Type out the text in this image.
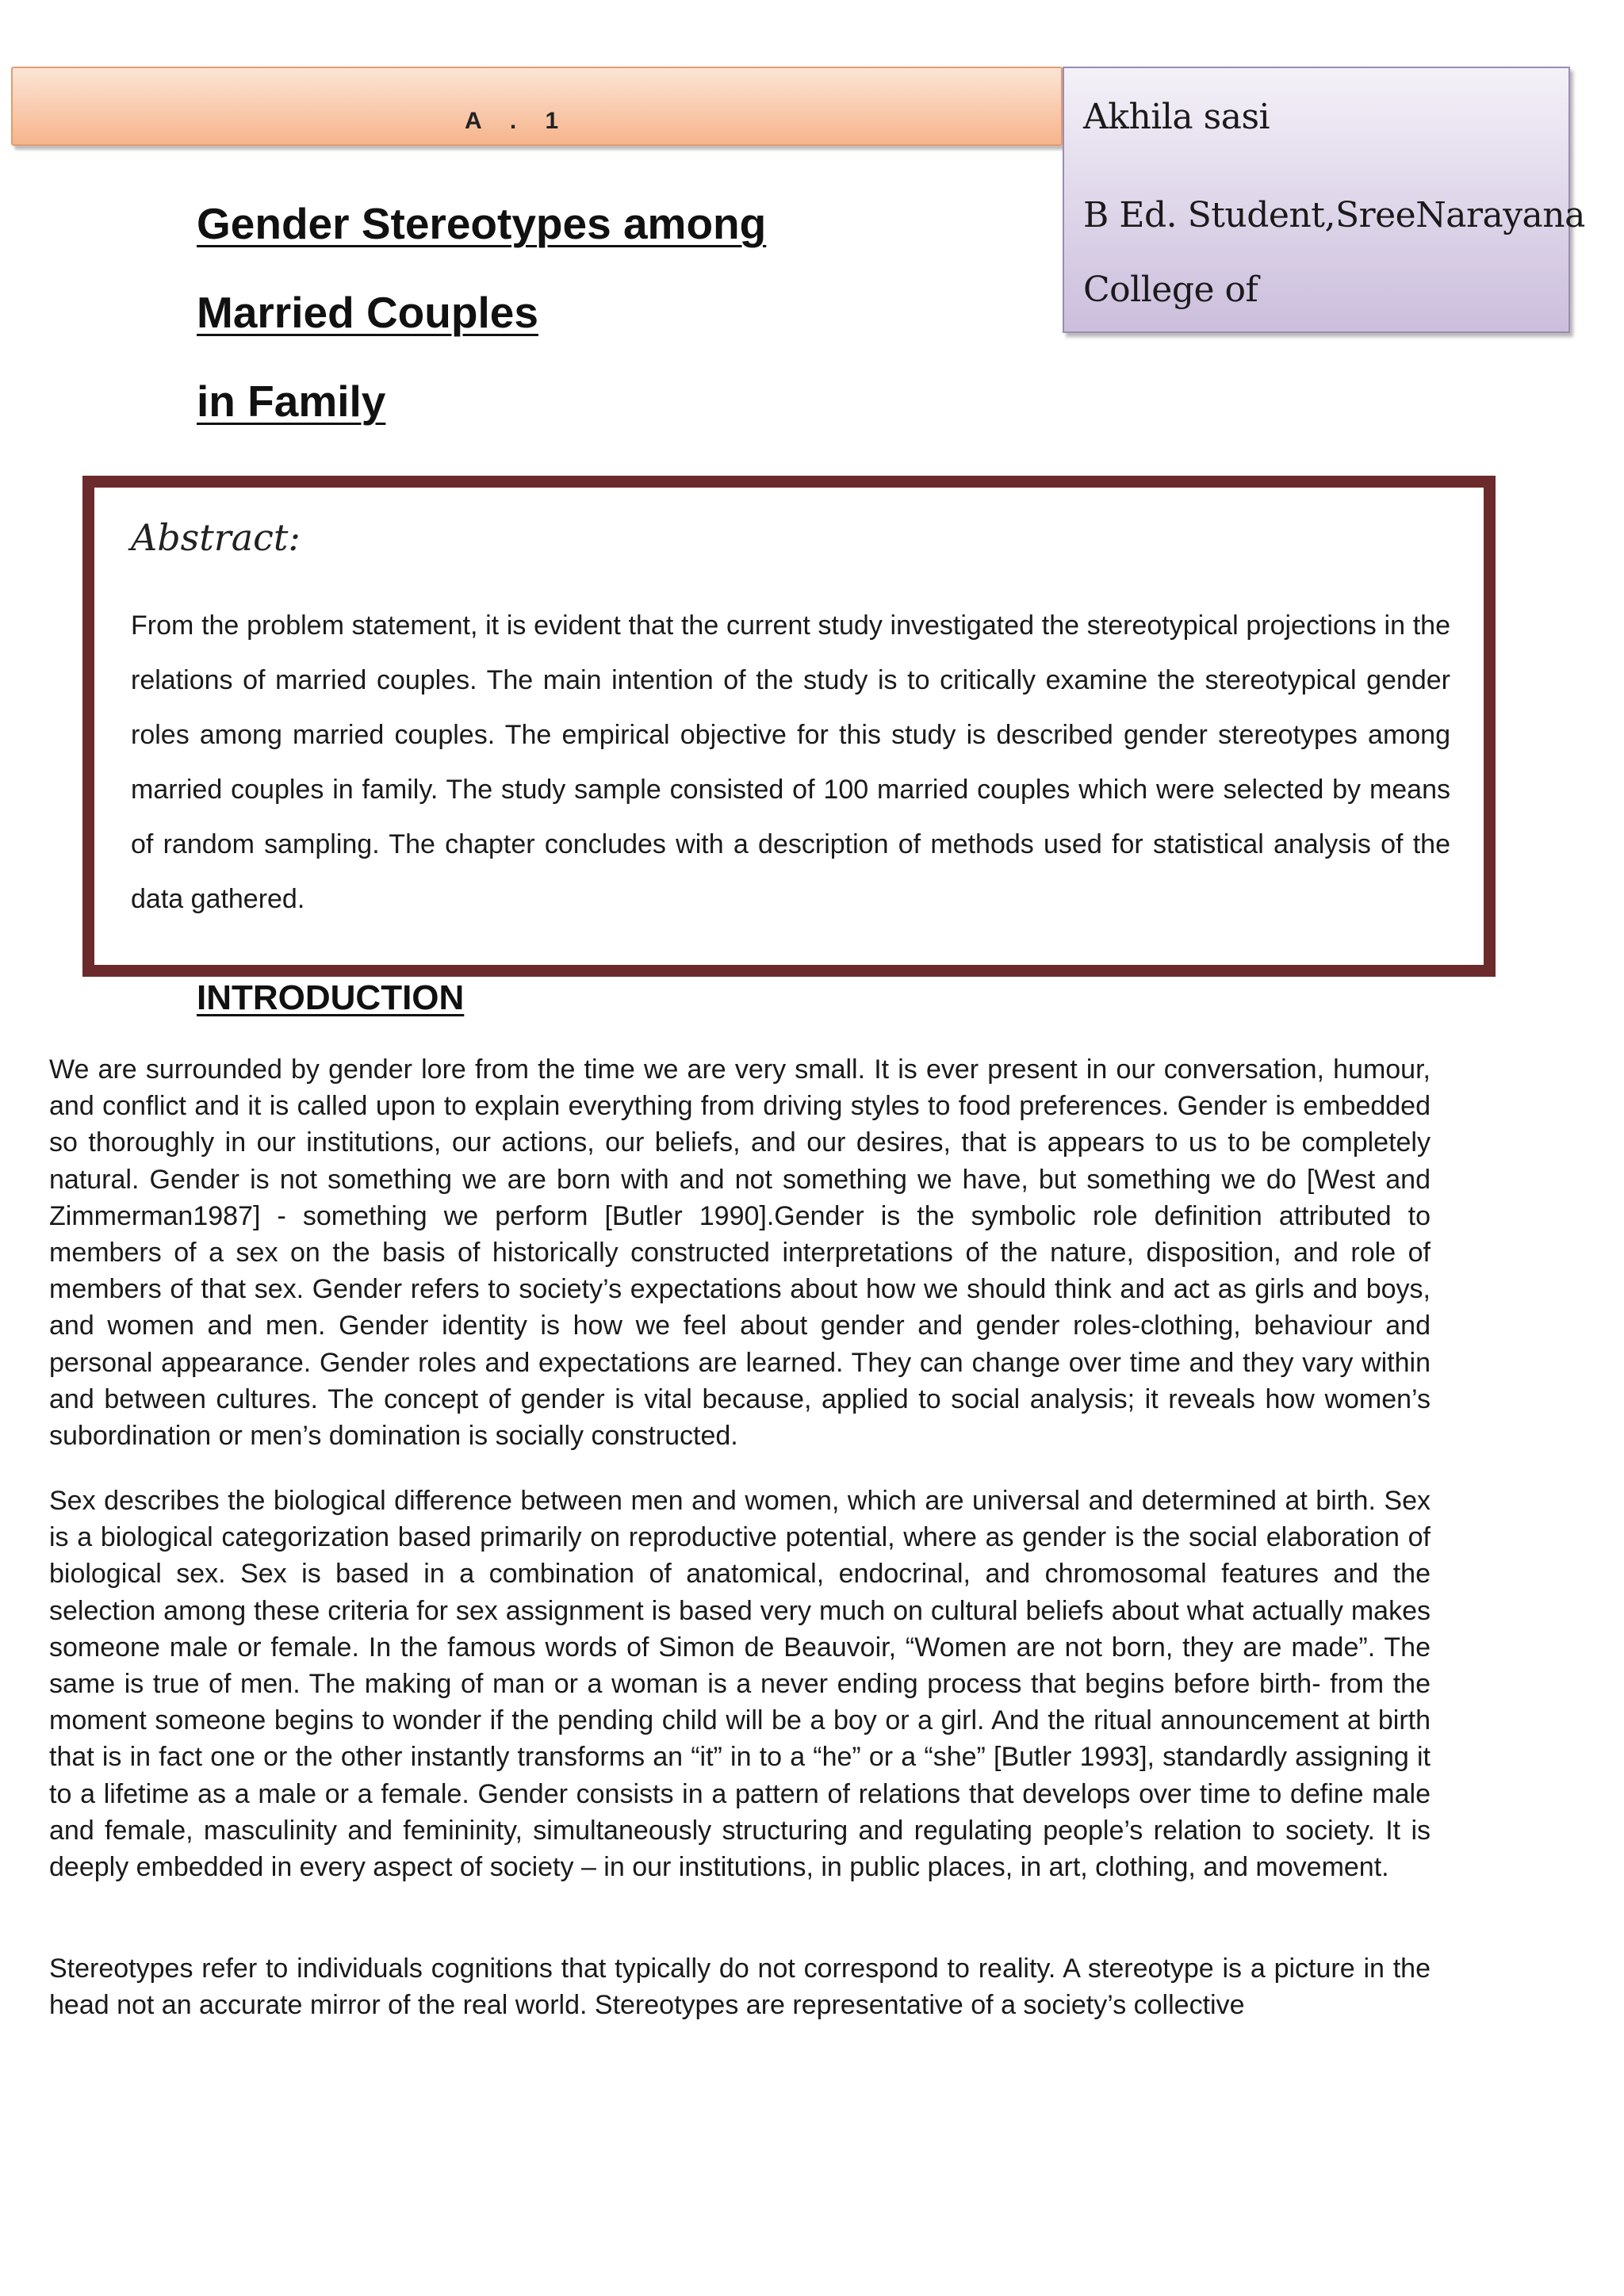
A . 1	Akhila sasi
B Ed. Student,SreeNarayana
College of
Gender Stereotypes among
Married Couples
in Family
Abstract:

From the problem statement, it is evident that the current study investigated the stereotypical projections in the relations of married couples. The main intention of the study is to critically examine the stereotypical gender roles among married couples. The empirical objective for this study is described gender stereotypes among married couples in family. The study sample consisted of 100 married couples which were selected by means of random sampling. The chapter concludes with a description of methods used for statistical analysis of the data gathered.

INTRODUCTION

We are surrounded by gender lore from the time we are very small. It is ever present in our conversation, humour, and conflict and it is called upon to explain everything from driving styles to food preferences. Gender is embedded so thoroughly in our institutions, our actions, our beliefs, and our desires, that is appears to us to be completely natural. Gender is not something we are born with and not something we have, but something we do [West and Zimmerman1987] - something we perform [Butler 1990].Gender is the symbolic role definition attributed to members of a sex on the basis of historically constructed interpretations of the nature, disposition, and role of members of that sex. Gender refers to society’s expectations about how we should think and act as girls and boys, and women and men. Gender identity is how we feel about gender and gender roles-clothing, behaviour and personal appearance. Gender roles and expectations are learned. They can change over time and they vary within and between cultures. The concept of gender is vital because, applied to social analysis; it reveals how women’s subordination or men’s domination is socially constructed.

Sex describes the biological difference between men and women, which are universal and determined at birth. Sex is a biological categorization based primarily on reproductive potential, where as gender is the social elaboration of biological sex. Sex is based in a combination of anatomical, endocrinal, and chromosomal features and the selection among these criteria for sex assignment is based very much on cultural beliefs about what actually makes someone male or female. In the famous words of Simon de Beauvoir, “Women are not born, they are made”. The same is true of men. The making of man or a woman is a never ending process that begins before birth- from the moment someone begins to wonder if the pending child will be a boy or a girl. And the ritual announcement at birth that is in fact one or the other instantly transforms an “it” in to a “he” or a “she” [Butler 1993], standardly assigning it to a lifetime as a male or a female. Gender consists in a pattern of relations that develops over time to define male and female, masculinity and femininity, simultaneously structuring and regulating people’s relation to society. It is deeply embedded in every aspect of society – in our institutions, in public places, in art, clothing, and movement.

Stereotypes refer to individuals cognitions that typically do not correspond to reality. A stereotype is a picture in the head not an accurate mirror of the real world. Stereotypes are representative of a society’s collective
